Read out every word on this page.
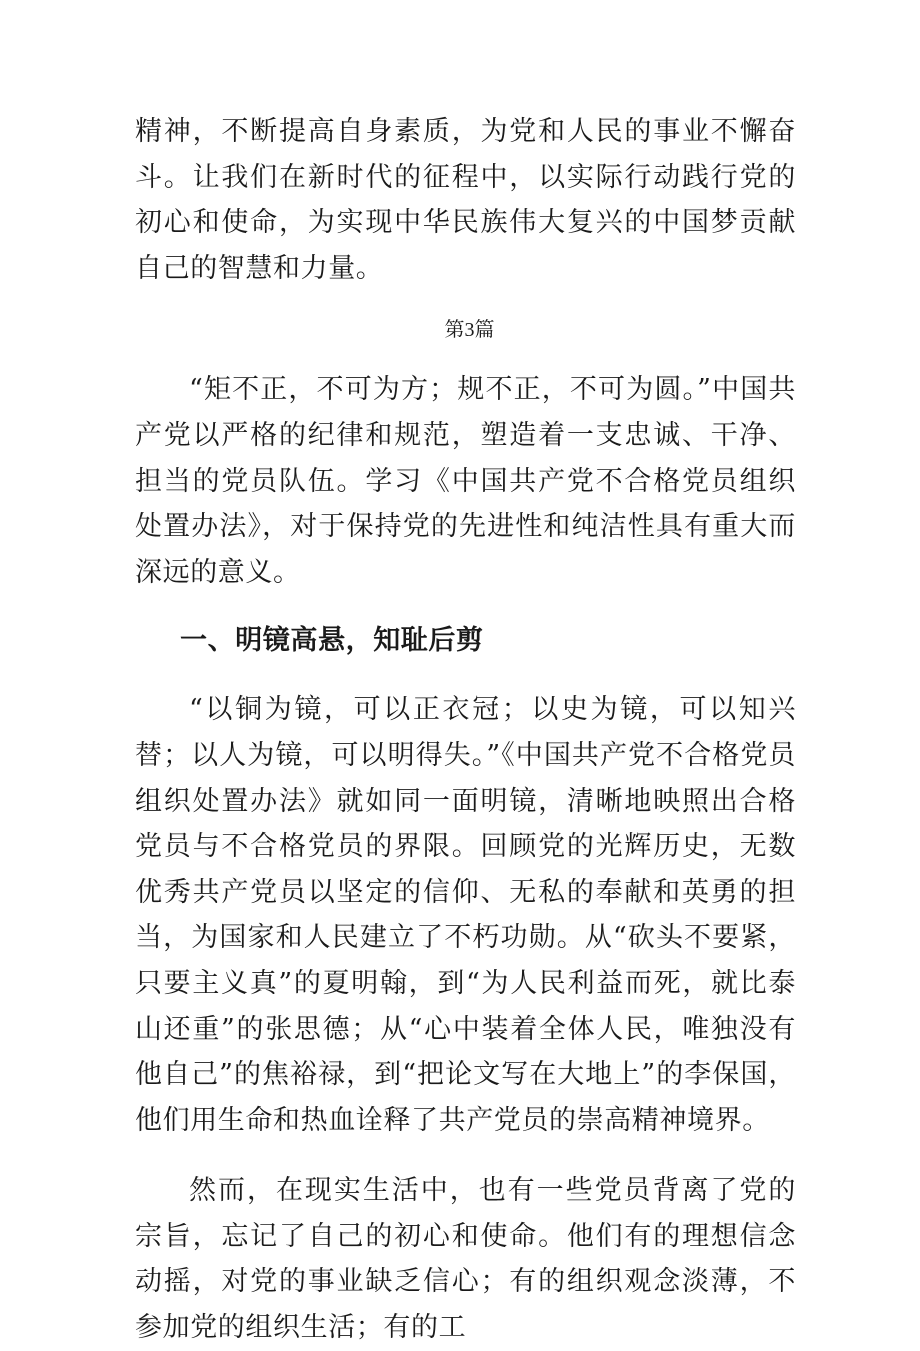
精神，不断提高自身素质，为党和人民的事业不懈奋斗。让我们在新时代的征程中，以实际行动践行党的初心和使命，为实现中华民族伟大复兴的中国梦贡献自己的智慧和力量。

第3篇

“矩不正，不可为方；规不正，不可为圆。”中国共产党以严格的纪律和规范，塑造着一支忠诚、干净、担当的党员队伍。学习《中国共产党不合格党员组织处置办法》，对于保持党的先进性和纯洁性具有重大而深远的意义。

一、明镜高悬，知耻后剪

“以铜为镜，可以正衣冠；以史为镜，可以知兴替；以人为镜，可以明得失。”《中国共产党不合格党员组织处置办法》就如同一面明镜，清晰地映照出合格党员与不合格党员的界限。回顾党的光辉历史，无数优秀共产党员以坚定的信仰、无私的奉献和英勇的担当，为国家和人民建立了不朽功勋。从“砍头不要紧，只要主义真”的夏明翰，到“为人民利益而死，就比泰山还重”的张思德；从“心中装着全体人民，唯独没有他自己”的焦裕禄，到“把论文写在大地上”的李保国，他们用生命和热血诠释了共产党员的崇高精神境界。

然而，在现实生活中，也有一些党员背离了党的宗旨，忘记了自己的初心和使命。他们有的理想信念动摇，对党的事业缺乏信心；有的组织观念淡薄，不参加党的组织生活；有的工
